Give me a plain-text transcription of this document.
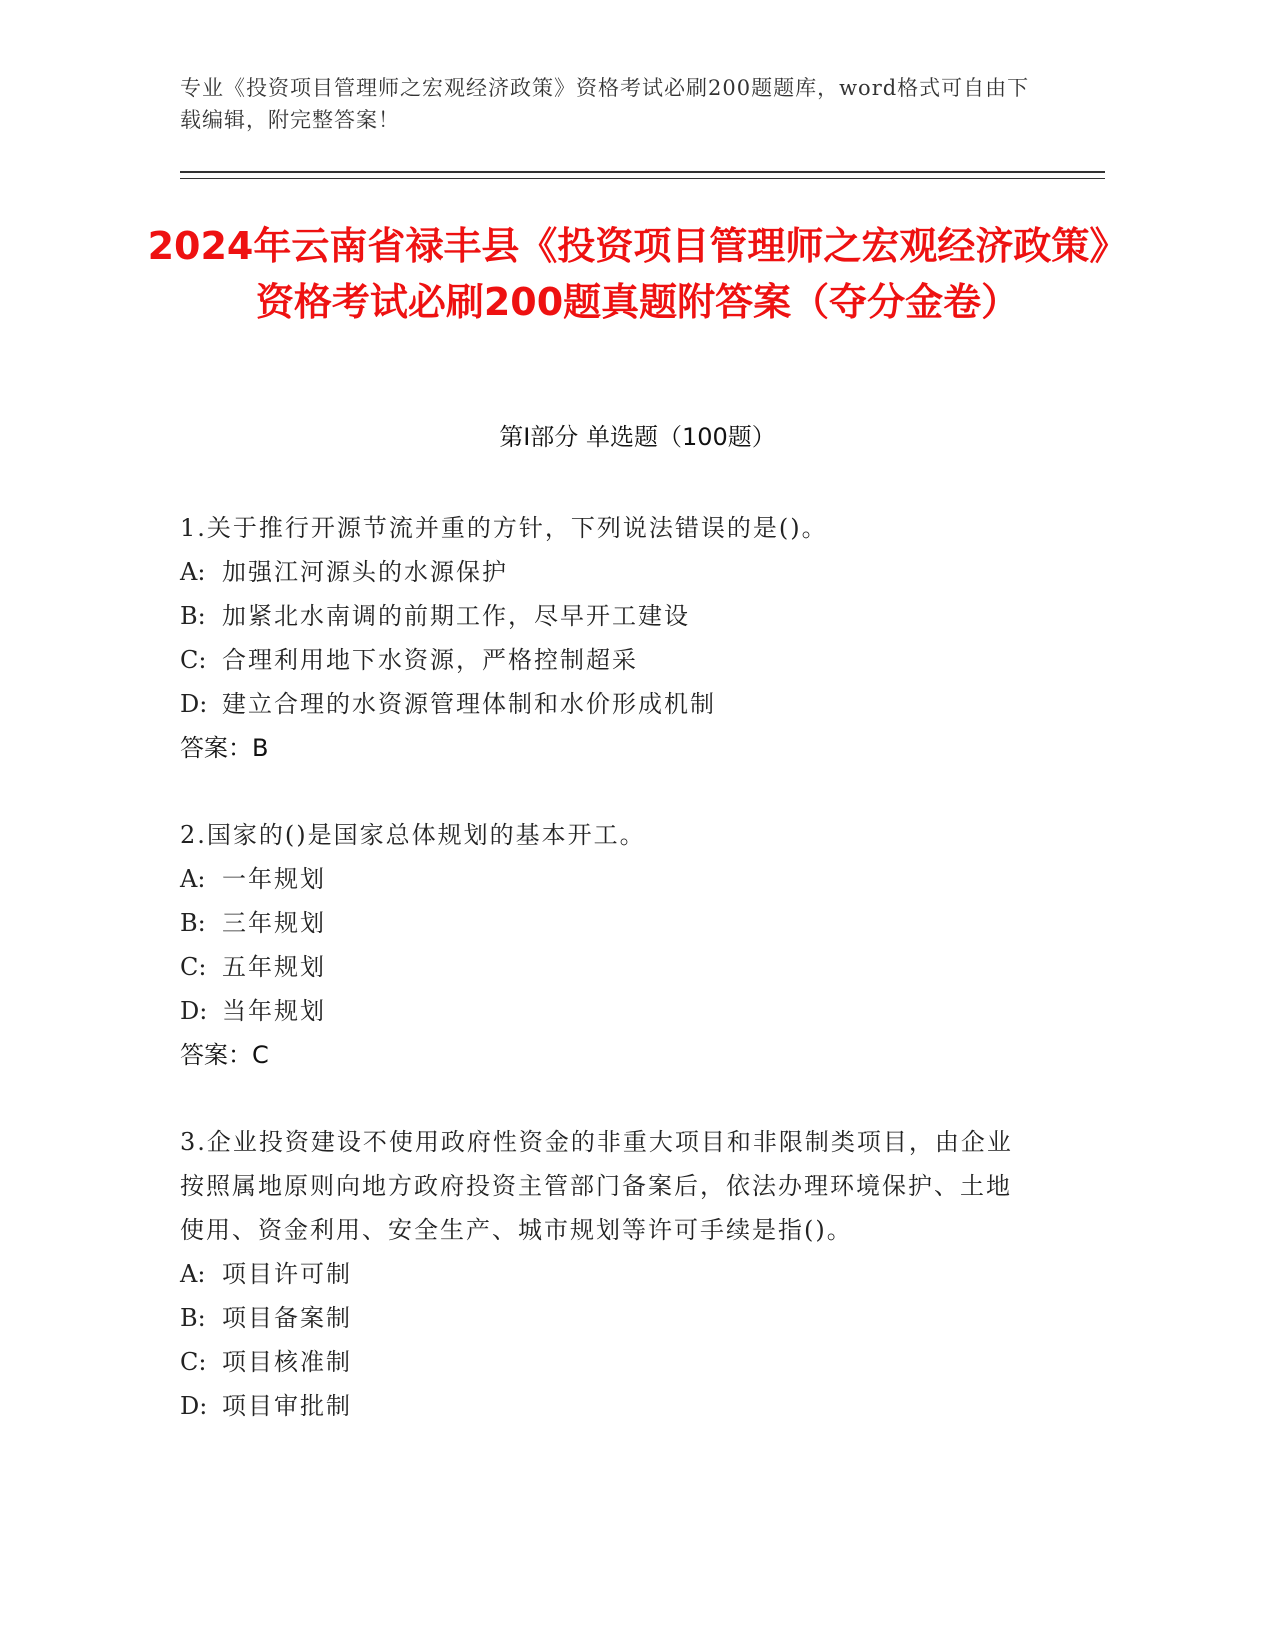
专业《投资项目管理师之宏观经济政策》资格考试必刷200题题库，word格式可自由下载编辑，附完整答案！
2024年云南省禄丰县《投资项目管理师之宏观经济政策》资格考试必刷200题真题附答案（夺分金卷）
第Ⅰ部分 单选题（100题）
1.关于推行开源节流并重的方针，下列说法错误的是()。
A: 加强江河源头的水源保护
B: 加紧北水南调的前期工作，尽早开工建设
C: 合理利用地下水资源，严格控制超采
D: 建立合理的水资源管理体制和水价形成机制
答案：B
2.国家的()是国家总体规划的基本开工。
A: 一年规划
B: 三年规划
C: 五年规划
D: 当年规划
答案：C
3.企业投资建设不使用政府性资金的非重大项目和非限制类项目，由企业按照属地原则向地方政府投资主管部门备案后，依法办理环境保护、土地使用、资金利用、安全生产、城市规划等许可手续是指()。
A: 项目许可制
B: 项目备案制
C: 项目核准制
D: 项目审批制
